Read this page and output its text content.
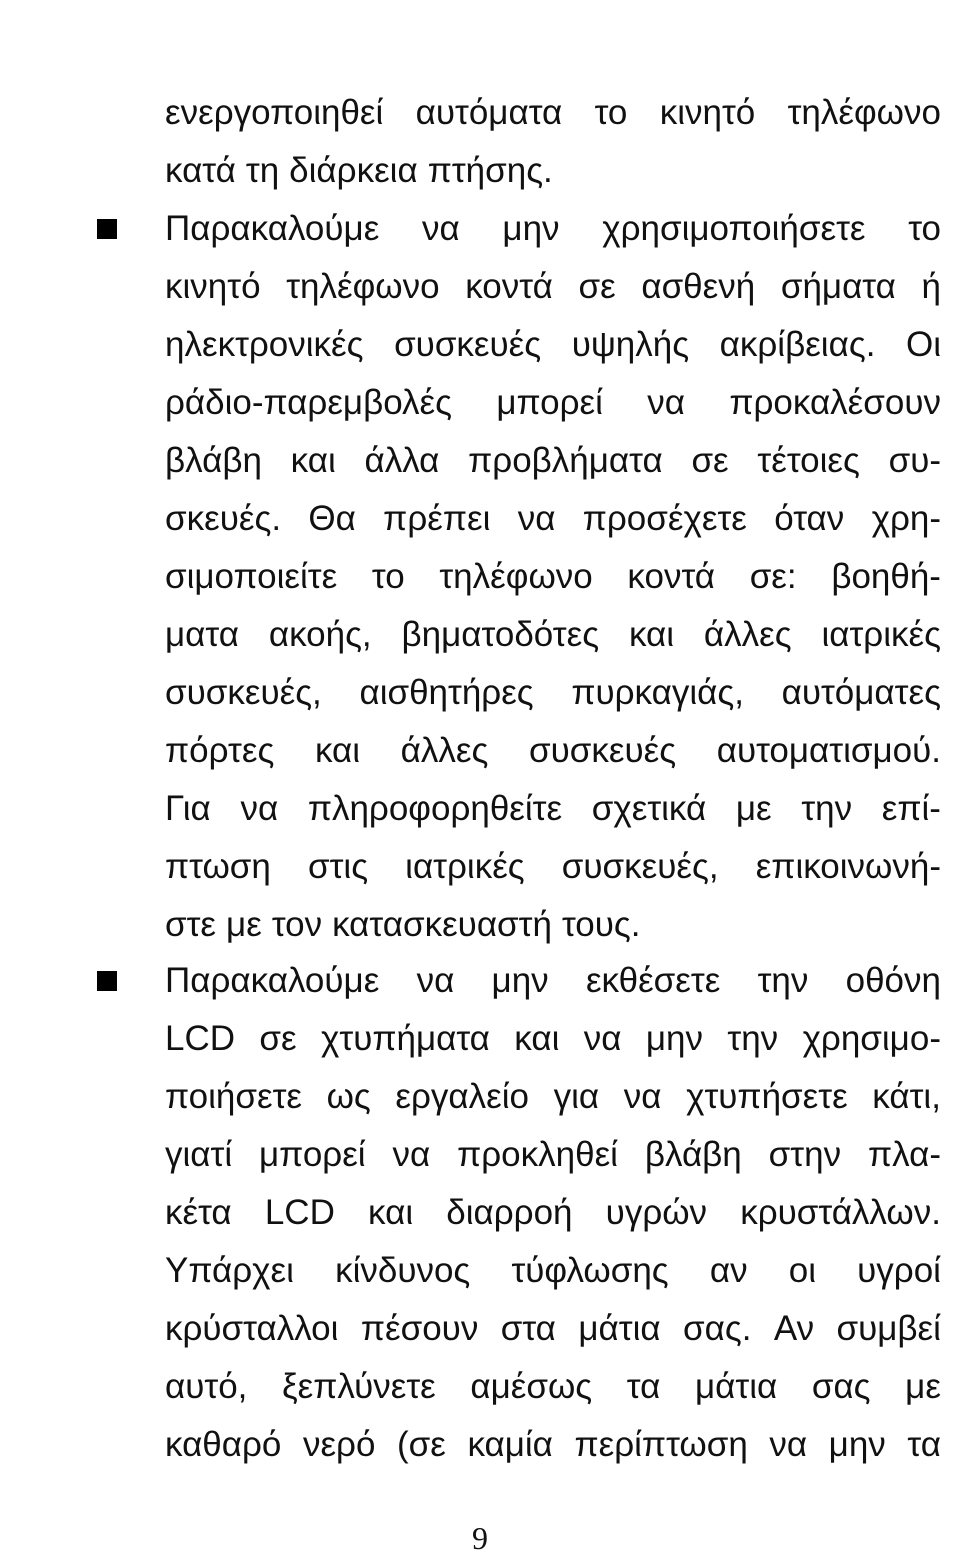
ενεργοποιηθεί αυτόματα το κινητό τηλέφωνο
κατά τη διάρκεια πτήσης.
Παρακαλούμε να μην χρησιμοποιήσετε το
κινητό τηλέφωνο κοντά σε ασθενή σήματα ή
ηλεκτρονικές συσκευές υψηλής ακρίβειας. Οι
ράδιο-παρεμβολές μπορεί να προκαλέσουν
βλάβη και άλλα προβλήματα σε τέτοιες συ-
σκευές. Θα πρέπει να προσέχετε όταν χρη-
σιμοποιείτε το τηλέφωνο κοντά σε: βοηθή-
ματα ακοής, βηματοδότες και άλλες ιατρικές
συσκευές, αισθητήρες πυρκαγιάς, αυτόματες
πόρτες και άλλες συσκευές αυτοματισμού.
Για να πληροφορηθείτε σχετικά με την επί-
πτωση στις ιατρικές συσκευές, επικοινωνή-
στε με τον κατασκευαστή τους.
Παρακαλούμε να μην εκθέσετε την οθόνη
LCD σε χτυπήματα και να μην την χρησιμο-
ποιήσετε ως εργαλείο για να χτυπήσετε κάτι,
γιατί μπορεί να προκληθεί βλάβη στην πλα-
κέτα LCD και διαρροή υγρών κρυστάλλων.
Υπάρχει κίνδυνος τύφλωσης αν οι υγροί
κρύσταλλοι πέσουν στα μάτια σας. Αν συμβεί
αυτό, ξεπλύνετε αμέσως τα μάτια σας με
καθαρό νερό (σε καμία περίπτωση να μην τα
9
